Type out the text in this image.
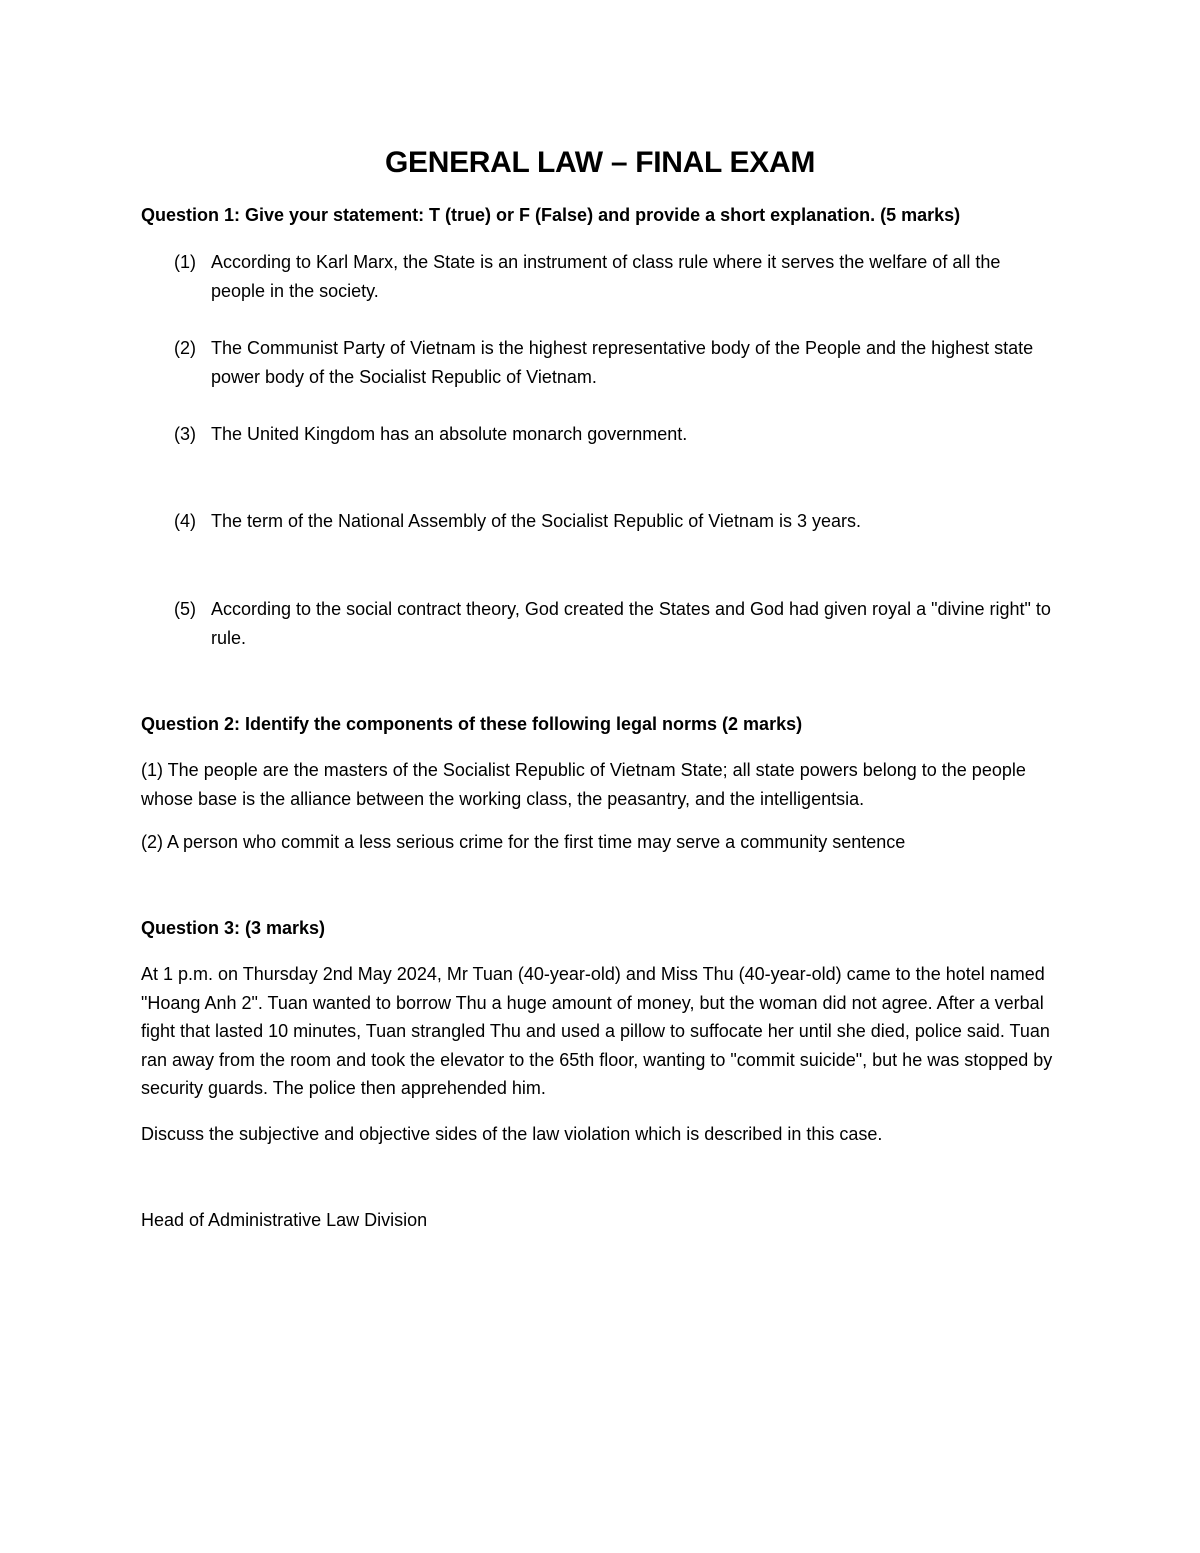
GENERAL LAW – FINAL EXAM

Question 1: Give your statement: T (true) or F (False) and provide a short explanation. (5 marks)

(1) According to Karl Marx, the State is an instrument of class rule where it serves the welfare of all the people in the society.
(2) The Communist Party of Vietnam is the highest representative body of the People and the highest state power body of the Socialist Republic of Vietnam.
(3) The United Kingdom has an absolute monarch government.
(4) The term of the National Assembly of the Socialist Republic of Vietnam is 3 years.
(5) According to the social contract theory, God created the States and God had given royal a "divine right" to rule.

Question 2: Identify the components of these following legal norms (2 marks)

(1) The people are the masters of the Socialist Republic of Vietnam State; all state powers belong to the people whose base is the alliance between the working class, the peasantry, and the intelligentsia.

(2) A person who commit a less serious crime for the first time may serve a community sentence

Question 3: (3 marks)

At 1 p.m. on Thursday 2nd May 2024, Mr Tuan (40-year-old) and Miss Thu (40-year-old) came to the hotel named "Hoang Anh 2". Tuan wanted to borrow Thu a huge amount of money, but the woman did not agree. After a verbal fight that lasted 10 minutes, Tuan strangled Thu and used a pillow to suffocate her until she died, police said. Tuan ran away from the room and took the elevator to the 65th floor, wanting to "commit suicide", but he was stopped by security guards. The police then apprehended him.

Discuss the subjective and objective sides of the law violation which is described in this case.

Head of Administrative Law Division
